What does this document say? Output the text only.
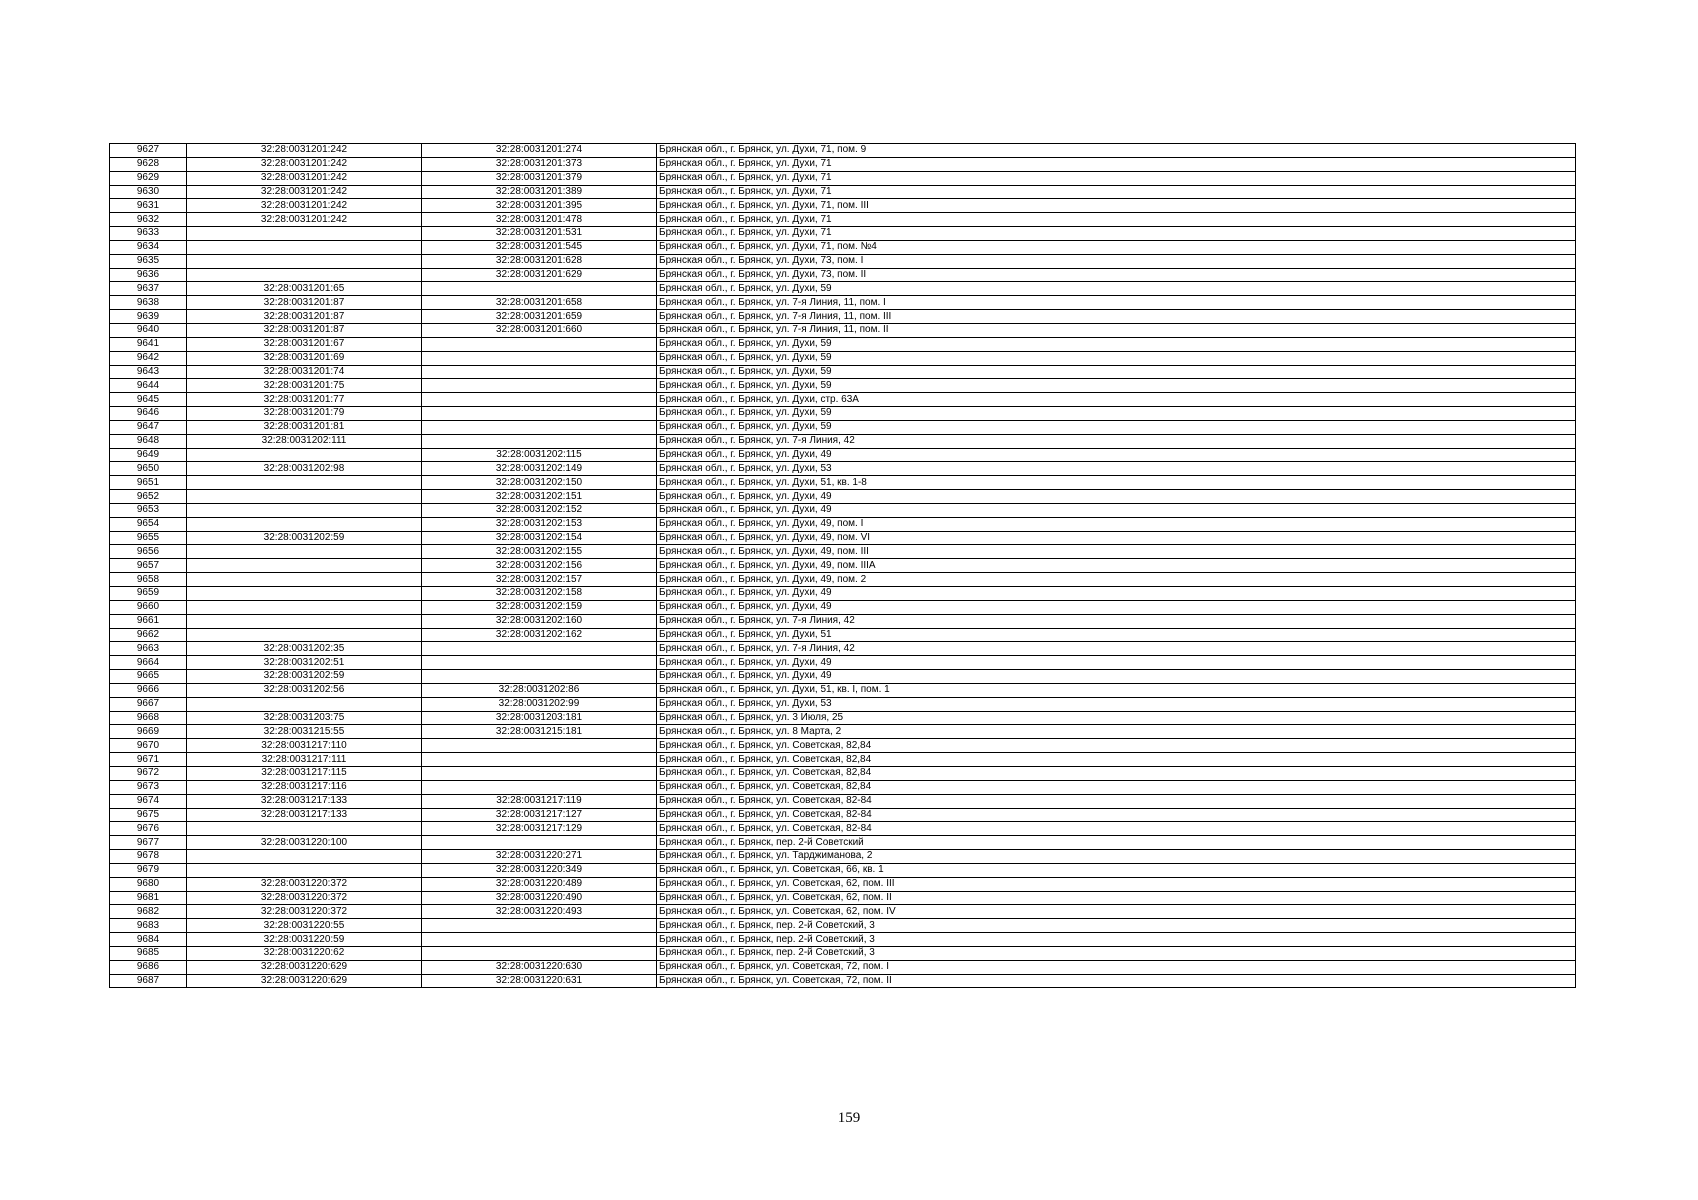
9627	32:28:0031201:242	32:28:0031201:274	Брянская обл., г. Брянск, ул. Духи, 71, пом. 9
9628	32:28:0031201:242	32:28:0031201:373	Брянская обл., г. Брянск, ул. Духи, 71
9629	32:28:0031201:242	32:28:0031201:379	Брянская обл., г. Брянск, ул. Духи, 71
9630	32:28:0031201:242	32:28:0031201:389	Брянская обл., г. Брянск, ул. Духи, 71
9631	32:28:0031201:242	32:28:0031201:395	Брянская обл., г. Брянск, ул. Духи, 71, пом. III
9632	32:28:0031201:242	32:28:0031201:478	Брянская обл., г. Брянск, ул. Духи, 71
9633		32:28:0031201:531	Брянская обл., г. Брянск, ул. Духи, 71
9634		32:28:0031201:545	Брянская обл., г. Брянск, ул. Духи, 71, пом. №4
9635		32:28:0031201:628	Брянская обл., г. Брянск, ул. Духи, 73, пом. I
9636		32:28:0031201:629	Брянская обл., г. Брянск, ул. Духи, 73, пом. II
9637	32:28:0031201:65		Брянская обл., г. Брянск, ул. Духи, 59
9638	32:28:0031201:87	32:28:0031201:658	Брянская обл., г. Брянск, ул. 7-я Линия, 11, пом. I
9639	32:28:0031201:87	32:28:0031201:659	Брянская обл., г. Брянск, ул. 7-я Линия, 11, пом. III
9640	32:28:0031201:87	32:28:0031201:660	Брянская обл., г. Брянск, ул. 7-я Линия, 11, пом. II
9641	32:28:0031201:67		Брянская обл., г. Брянск, ул. Духи, 59
9642	32:28:0031201:69		Брянская обл., г. Брянск, ул. Духи, 59
9643	32:28:0031201:74		Брянская обл., г. Брянск, ул. Духи, 59
9644	32:28:0031201:75		Брянская обл., г. Брянск, ул. Духи, 59
9645	32:28:0031201:77		Брянская обл., г. Брянск, ул. Духи, стр. 63А
9646	32:28:0031201:79		Брянская обл., г. Брянск, ул. Духи, 59
9647	32:28:0031201:81		Брянская обл., г. Брянск, ул. Духи, 59
9648	32:28:0031202:111		Брянская обл., г. Брянск, ул. 7-я Линия, 42
9649		32:28:0031202:115	Брянская обл., г. Брянск, ул. Духи, 49
9650	32:28:0031202:98	32:28:0031202:149	Брянская обл., г. Брянск, ул. Духи, 53
9651		32:28:0031202:150	Брянская обл., г. Брянск, ул. Духи, 51, кв. 1-8
9652		32:28:0031202:151	Брянская обл., г. Брянск, ул. Духи, 49
9653		32:28:0031202:152	Брянская обл., г. Брянск, ул. Духи, 49
9654		32:28:0031202:153	Брянская обл., г. Брянск, ул. Духи, 49, пом. I
9655	32:28:0031202:59	32:28:0031202:154	Брянская обл., г. Брянск, ул. Духи, 49, пом. VI
9656		32:28:0031202:155	Брянская обл., г. Брянск, ул. Духи, 49, пом. III
9657		32:28:0031202:156	Брянская обл., г. Брянск, ул. Духи, 49, пом. IIIА
9658		32:28:0031202:157	Брянская обл., г. Брянск, ул. Духи, 49, пом. 2
9659		32:28:0031202:158	Брянская обл., г. Брянск, ул. Духи, 49
9660		32:28:0031202:159	Брянская обл., г. Брянск, ул. Духи, 49
9661		32:28:0031202:160	Брянская обл., г. Брянск, ул. 7-я Линия, 42
9662		32:28:0031202:162	Брянская обл., г. Брянск, ул. Духи, 51
9663	32:28:0031202:35		Брянская обл., г. Брянск, ул. 7-я Линия, 42
9664	32:28:0031202:51		Брянская обл., г. Брянск, ул. Духи, 49
9665	32:28:0031202:59		Брянская обл., г. Брянск, ул. Духи, 49
9666	32:28:0031202:56	32:28:0031202:86	Брянская обл., г. Брянск, ул. Духи, 51, кв. I, пом. 1
9667		32:28:0031202:99	Брянская обл., г. Брянск, ул. Духи, 53
9668	32:28:0031203:75	32:28:0031203:181	Брянская обл., г. Брянск, ул. 3 Июля, 25
9669	32:28:0031215:55	32:28:0031215:181	Брянская обл., г. Брянск, ул. 8 Марта, 2
9670	32:28:0031217:110		Брянская обл., г. Брянск, ул. Советская, 82,84
9671	32:28:0031217:111		Брянская обл., г. Брянск, ул. Советская, 82,84
9672	32:28:0031217:115		Брянская обл., г. Брянск, ул. Советская, 82,84
9673	32:28:0031217:116		Брянская обл., г. Брянск, ул. Советская, 82,84
9674	32:28:0031217:133	32:28:0031217:119	Брянская обл., г. Брянск, ул. Советская, 82-84
9675	32:28:0031217:133	32:28:0031217:127	Брянская обл., г. Брянск, ул. Советская, 82-84
9676		32:28:0031217:129	Брянская обл., г. Брянск, ул. Советская, 82-84
9677	32:28:0031220:100		Брянская обл., г. Брянск, пер. 2-й Советский
9678		32:28:0031220:271	Брянская обл., г. Брянск, ул. Тарджиманова, 2
9679		32:28:0031220:349	Брянская обл., г. Брянск, ул. Советская, 66, кв. 1
9680	32:28:0031220:372	32:28:0031220:489	Брянская обл., г. Брянск, ул. Советская, 62, пом. III
9681	32:28:0031220:372	32:28:0031220:490	Брянская обл., г. Брянск, ул. Советская, 62, пом. II
9682	32:28:0031220:372	32:28:0031220:493	Брянская обл., г. Брянск, ул. Советская, 62, пом. IV
9683	32:28:0031220:55		Брянская обл., г. Брянск, пер. 2-й Советский, 3
9684	32:28:0031220:59		Брянская обл., г. Брянск, пер. 2-й Советский, 3
9685	32:28:0031220:62		Брянская обл., г. Брянск, пер. 2-й Советский, 3
9686	32:28:0031220:629	32:28:0031220:630	Брянская обл., г. Брянск, ул. Советская, 72, пом. I
9687	32:28:0031220:629	32:28:0031220:631	Брянская обл., г. Брянск, ул. Советская, 72, пом. II
159
